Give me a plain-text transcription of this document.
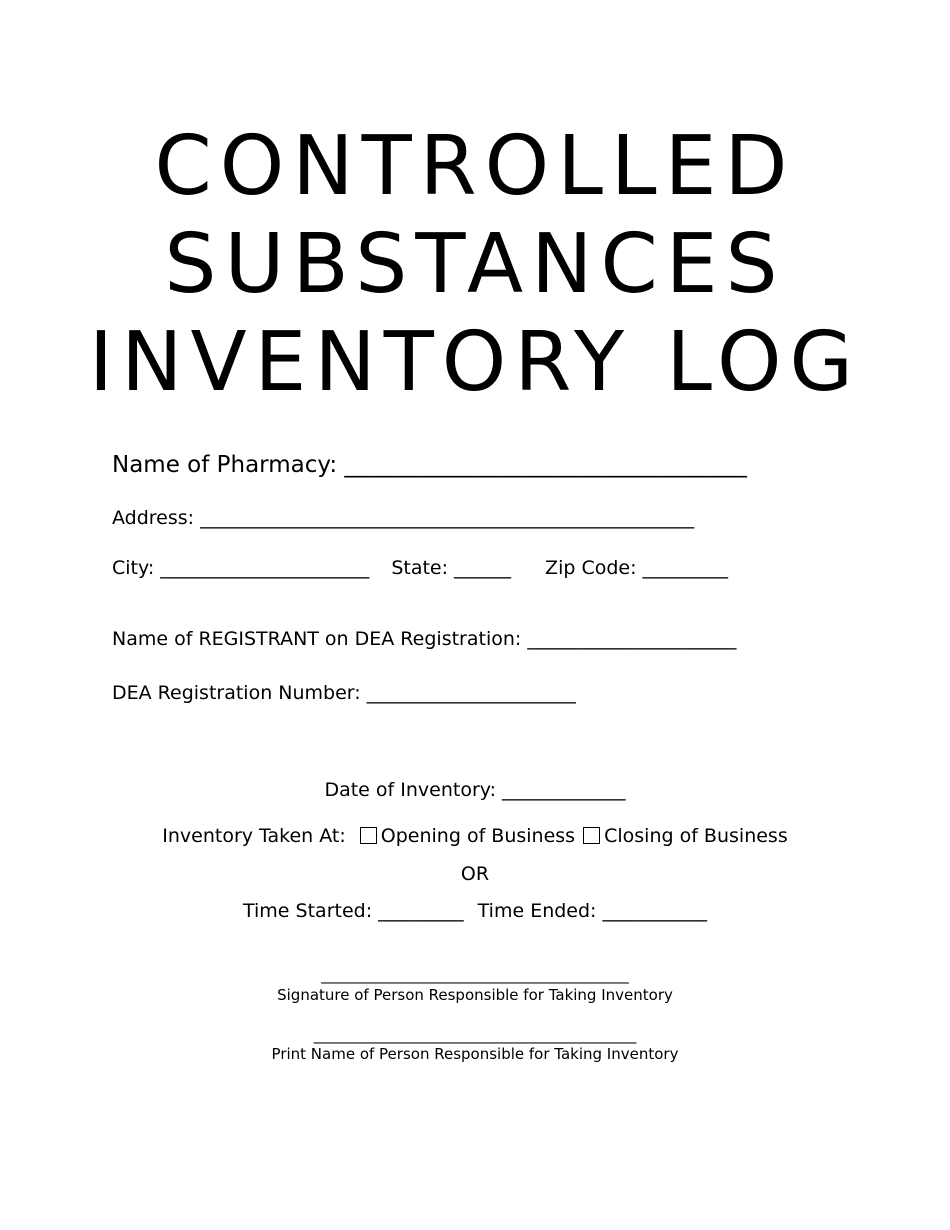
CONTROLLED
SUBSTANCES
INVENTORY LOG
Name of Pharmacy: ___________________________________
Address: ____________________________________________________
City: ______________________ State: ______ Zip Code: _________
Name of REGISTRANT on DEA Registration: ______________________
DEA Registration Number: ______________________
Date of Inventory: _____________
Inventory Taken At: Opening of Business Closing of Business
OR
Time Started: _________ Time Ended: ___________
_________________________________________
Signature of Person Responsible for Taking Inventory
___________________________________________
Print Name of Person Responsible for Taking Inventory
